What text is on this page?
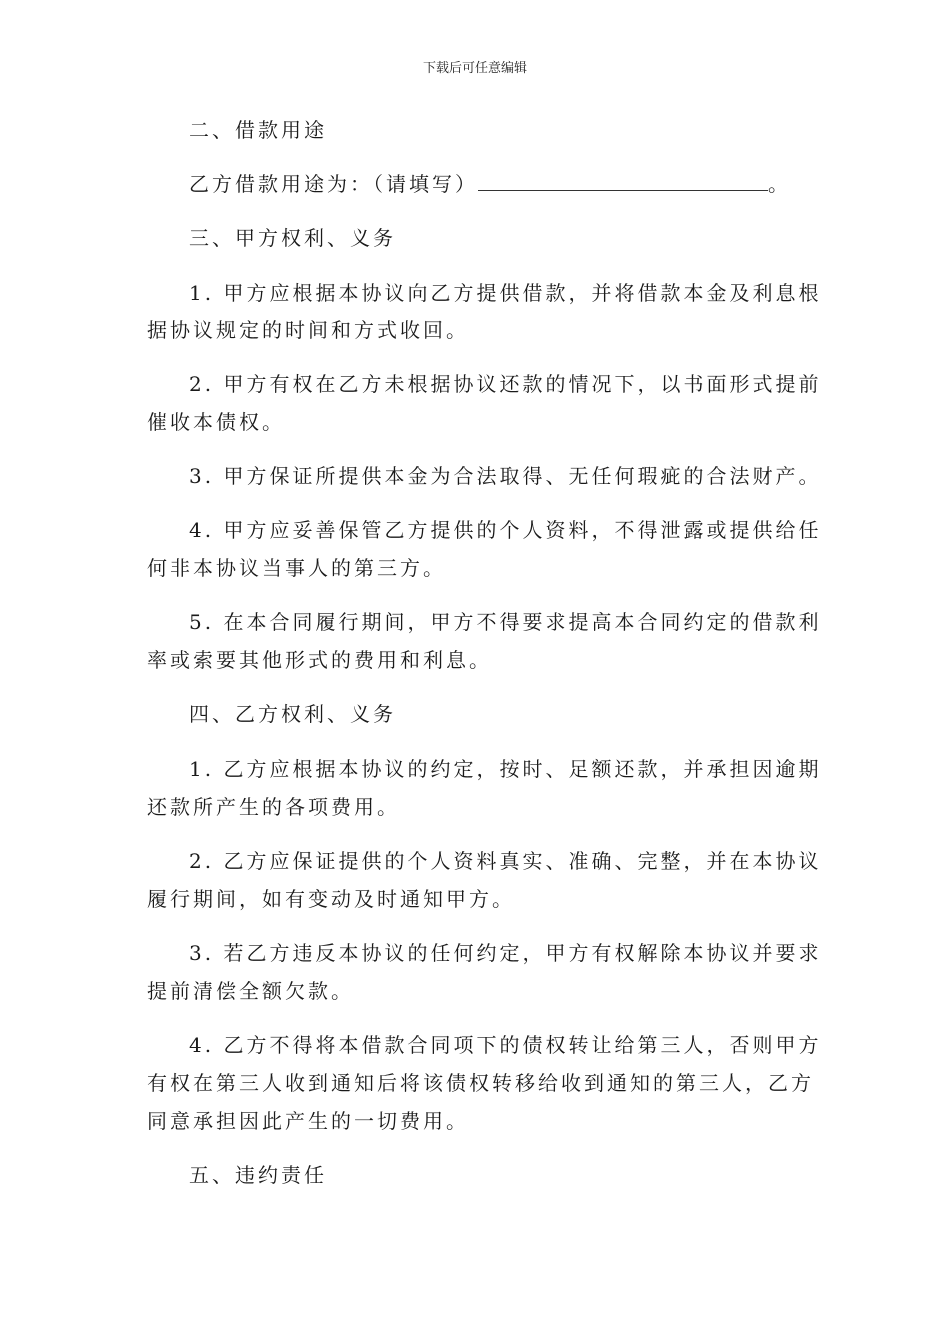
下载后可任意编辑
二、借款用途
乙方借款用途为：（请填写）	。
三、甲方权利、义务
1. 甲方应根据本协议向乙方提供借款，并将借款本金及利息根
据协议规定的时间和方式收回。
2. 甲方有权在乙方未根据协议还款的情况下，以书面形式提前
催收本债权。
3. 甲方保证所提供本金为合法取得、无任何瑕疵的合法财产。
4. 甲方应妥善保管乙方提供的个人资料，不得泄露或提供给任
何非本协议当事人的第三方。
5. 在本合同履行期间，甲方不得要求提高本合同约定的借款利
率或索要其他形式的费用和利息。
四、乙方权利、义务
1. 乙方应根据本协议的约定，按时、足额还款，并承担因逾期
还款所产生的各项费用。
2. 乙方应保证提供的个人资料真实、准确、完整，并在本协议
履行期间，如有变动及时通知甲方。
3. 若乙方违反本协议的任何约定，甲方有权解除本协议并要求
提前清偿全额欠款。
4. 乙方不得将本借款合同项下的债权转让给第三人，否则甲方
有权在第三人收到通知后将该债权转移给收到通知的第三人，乙方
同意承担因此产生的一切费用。
五、违约责任
